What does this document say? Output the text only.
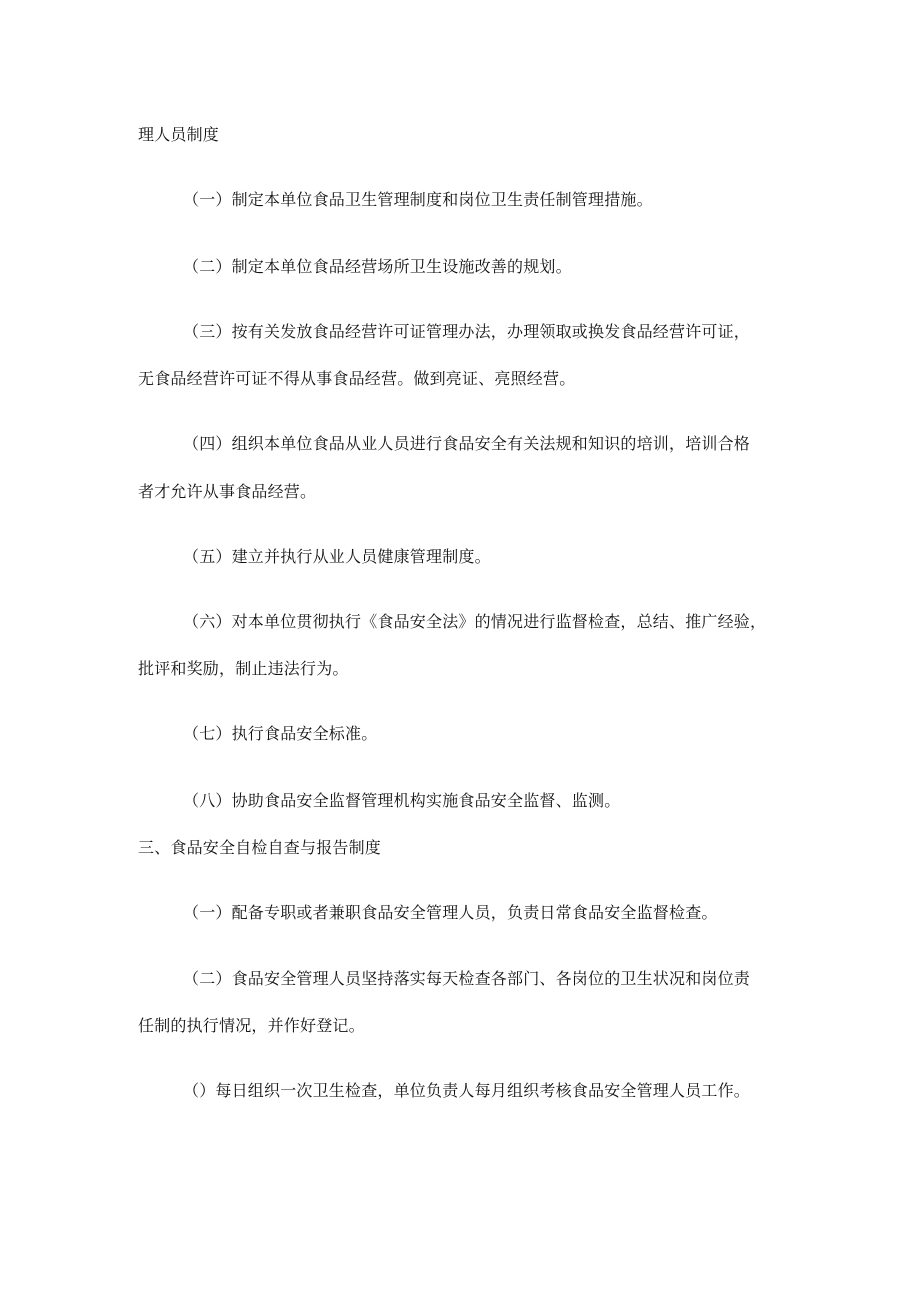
理人员制度
（一）制定本单位食品卫生管理制度和岗位卫生责任制管理措施。
（二）制定本单位食品经营场所卫生设施改善的规划。
（三）按有关发放食品经营许可证管理办法，办理领取或换发食品经营许可证，
无食品经营许可证不得从事食品经营。做到亮证、亮照经营。
（四）组织本单位食品从业人员进行食品安全有关法规和知识的培训，培训合格
者才允许从事食品经营。
（五）建立并执行从业人员健康管理制度。
（六）对本单位贯彻执行《食品安全法》的情况进行监督检查，总结、推广经验，
批评和奖励，制止违法行为。
（七）执行食品安全标准。
（八）协助食品安全监督管理机构实施食品安全监督、监测。
三、食品安全自检自查与报告制度
（一）配备专职或者兼职食品安全管理人员，负责日常食品安全监督检查。
（二）食品安全管理人员坚持落实每天检查各部门、各岗位的卫生状况和岗位责
任制的执行情况，并作好登记。
（）每日组织一次卫生检查，单位负责人每月组织考核食品安全管理人员工作。
